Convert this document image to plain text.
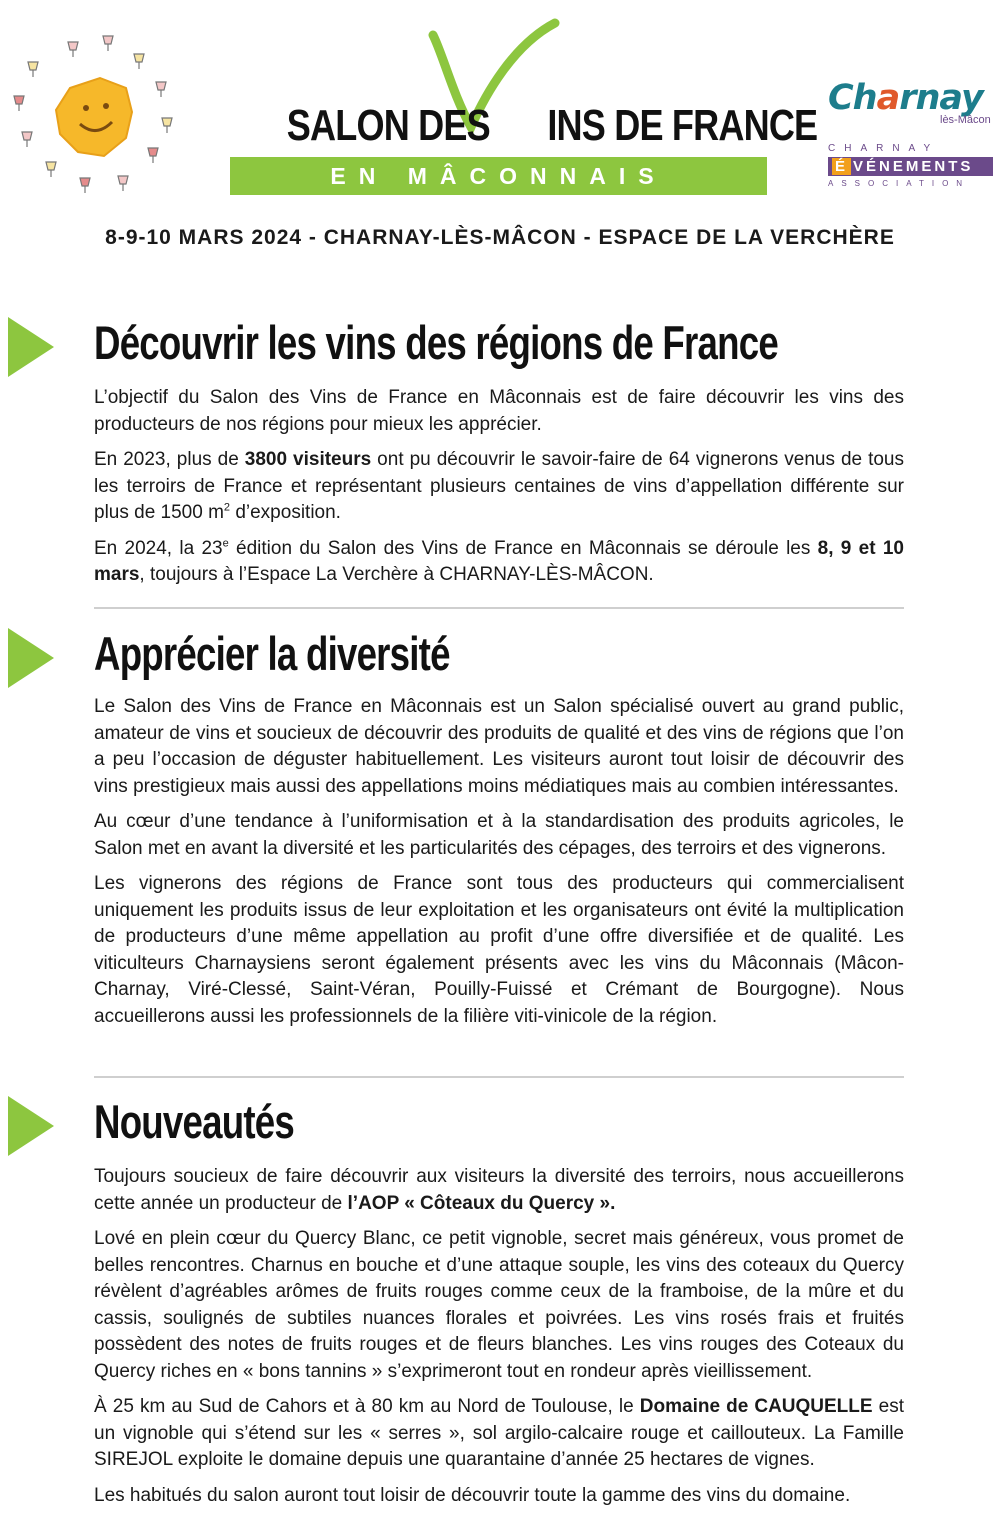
SALON DES INS DE FRANCE
EN MÂCONNAIS
Charnay
lès-Mâcon
CHARNAY
É VÉNEMENTS
ASSOCIATION
8-9-10 MARS 2024 - CHARNAY-LÈS-MÂCON - ESPACE DE LA VERCHÈRE
Découvrir les vins des régions de France

L’objectif du Salon des Vins de France en Mâconnais est de faire découvrir les vins des producteurs de nos régions pour mieux les apprécier.

En 2023, plus de 3800 visiteurs ont pu découvrir le savoir-faire de 64 vignerons venus de tous les terroirs de France et représentant plusieurs centaines de vins d’appellation différente sur plus de 1500 $m^2$ d’exposition.

En 2024, la 23e édition du Salon des Vins de France en Mâconnais se déroule les 8, 9 et 10 mars, toujours à l’Espace La Verchère à CHARNAY-LÈS-MÂCON.

Apprécier la diversité

Le Salon des Vins de France en Mâconnais est un Salon spécialisé ouvert au grand public, amateur de vins et soucieux de découvrir des produits de qualité et des vins de régions que l’on a peu l’occasion de déguster habituellement. Les visiteurs auront tout loisir de découvrir des vins prestigieux mais aussi des appellations moins médiatiques mais au combien intéressantes.

Au cœur d’une tendance à l’uniformisation et à la standardisation des produits agricoles, le Salon met en avant la diversité et les particularités des cépages, des terroirs et des vignerons.

Les vignerons des régions de France sont tous des producteurs qui commercialisent uniquement les produits issus de leur exploitation et les organisateurs ont évité la multiplication de producteurs d’une même appellation au profit d’une offre diversifiée et de qualité. Les viticulteurs Charnaysiens seront également présents avec les vins du Mâconnais (Mâcon-Charnay, Viré-Clessé, Saint-Véran, Pouilly-Fuissé et Crémant de Bourgogne). Nous accueillerons aussi les professionnels de la filière viti-vinicole de la région.

Nouveautés

Toujours soucieux de faire découvrir aux visiteurs la diversité des terroirs, nous accueillerons cette année un producteur de l’AOP « Côteaux du Quercy ».

Lové en plein cœur du Quercy Blanc, ce petit vignoble, secret mais généreux, vous promet de belles rencontres. Charnus en bouche et d’une attaque souple, les vins des coteaux du Quercy révèlent d’agréables arômes de fruits rouges comme ceux de la framboise, de la mûre et du cassis, soulignés de subtiles nuances florales et poivrées. Les vins rosés frais et fruités possèdent des notes de fruits rouges et de fleurs blanches. Les vins rouges des Coteaux du Quercy riches en « bons tannins » s’exprimeront tout en rondeur après vieillissement.

À 25 km au Sud de Cahors et à 80 km au Nord de Toulouse, le Domaine de CAUQUELLE est un vignoble qui s’étend sur les « serres », sol argilo-calcaire rouge et caillouteux. La Famille SIREJOL exploite le domaine depuis une quarantaine d’année 25 hectares de vignes.

Les habitués du salon auront tout loisir de découvrir toute la gamme des vins du domaine.
